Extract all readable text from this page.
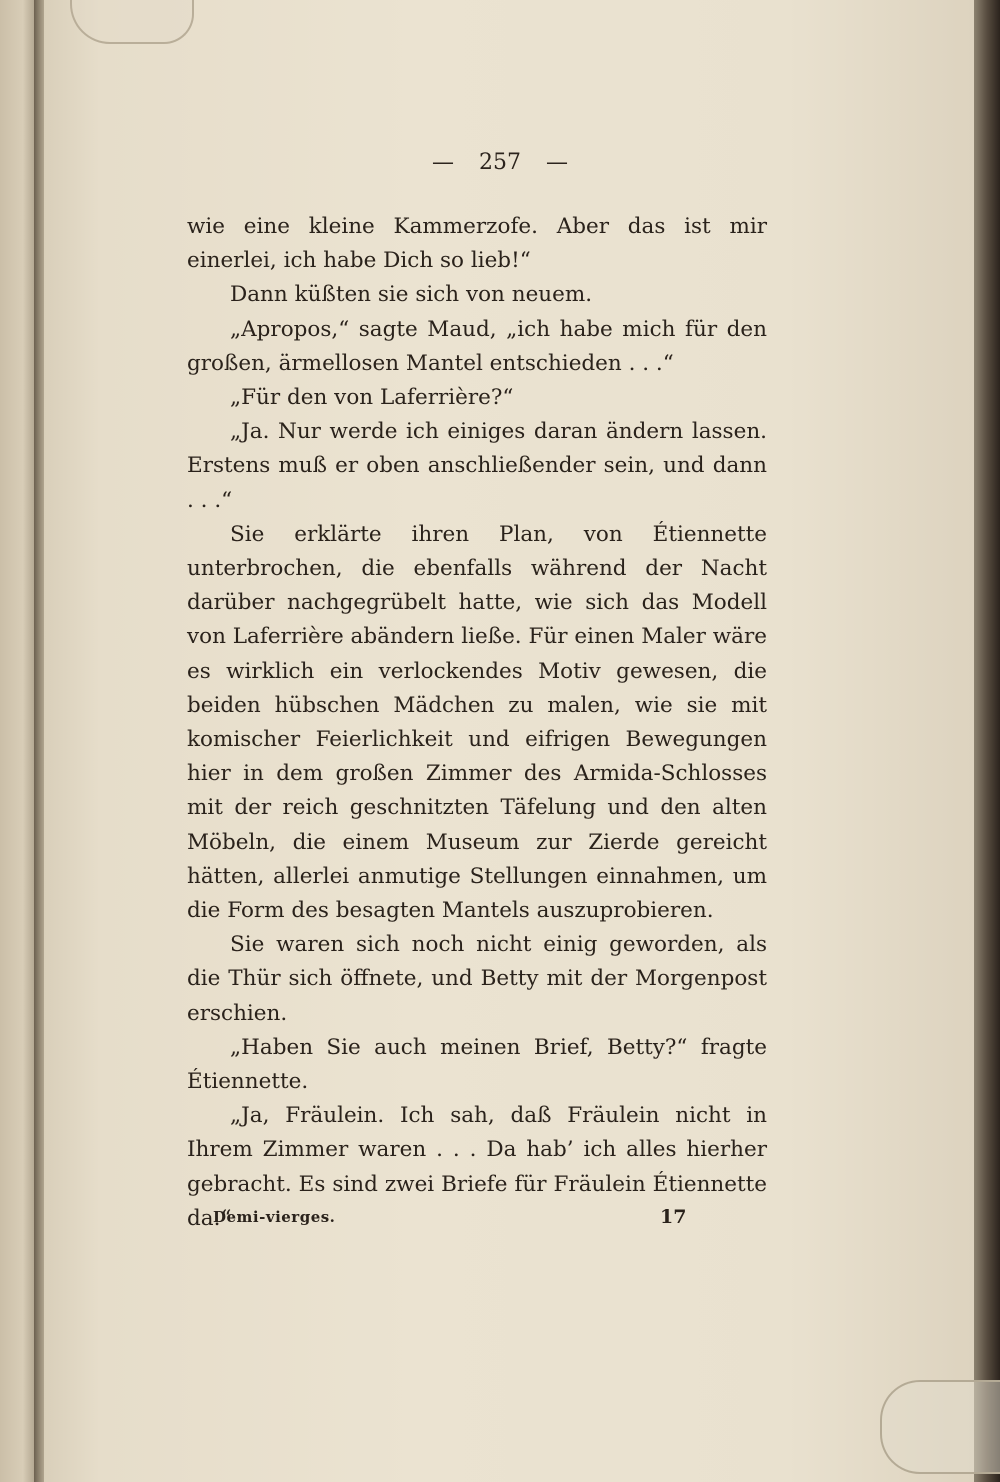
— 257 —

wie eine kleine Kammerzofe. Aber das ist mir einerlei, ich habe Dich so lieb!“

Dann küßten sie sich von neuem.

„Apropos,“ sagte Maud, „ich habe mich für den großen, ärmellosen Mantel entschieden . . .“

„Für den von Laferrière?“

„Ja. Nur werde ich einiges daran ändern lassen. Erstens muß er oben anschließender sein, und dann . . .“

Sie erklärte ihren Plan, von Étiennette unterbrochen, die ebenfalls während der Nacht darüber nachgegrübelt hatte, wie sich das Modell von Laferrière abändern ließe. Für einen Maler wäre es wirklich ein verlockendes Motiv gewesen, die beiden hübschen Mädchen zu malen, wie sie mit komischer Feierlichkeit und eifrigen Bewegungen hier in dem großen Zimmer des Armida-Schlosses mit der reich geschnitzten Täfelung und den alten Möbeln, die einem Museum zur Zierde gereicht hätten, allerlei anmutige Stellungen einnahmen, um die Form des besagten Mantels auszuprobieren.

Sie waren sich noch nicht einig geworden, als die Thür sich öffnete, und Betty mit der Morgenpost erschien.

„Haben Sie auch meinen Brief, Betty?“ fragte Étiennette.

„Ja, Fräulein. Ich sah, daß Fräulein nicht in Ihrem Zimmer waren . . . Da hab’ ich alles hierher gebracht. Es sind zwei Briefe für Fräulein Étiennette da.“

Demi-vierges.	17
